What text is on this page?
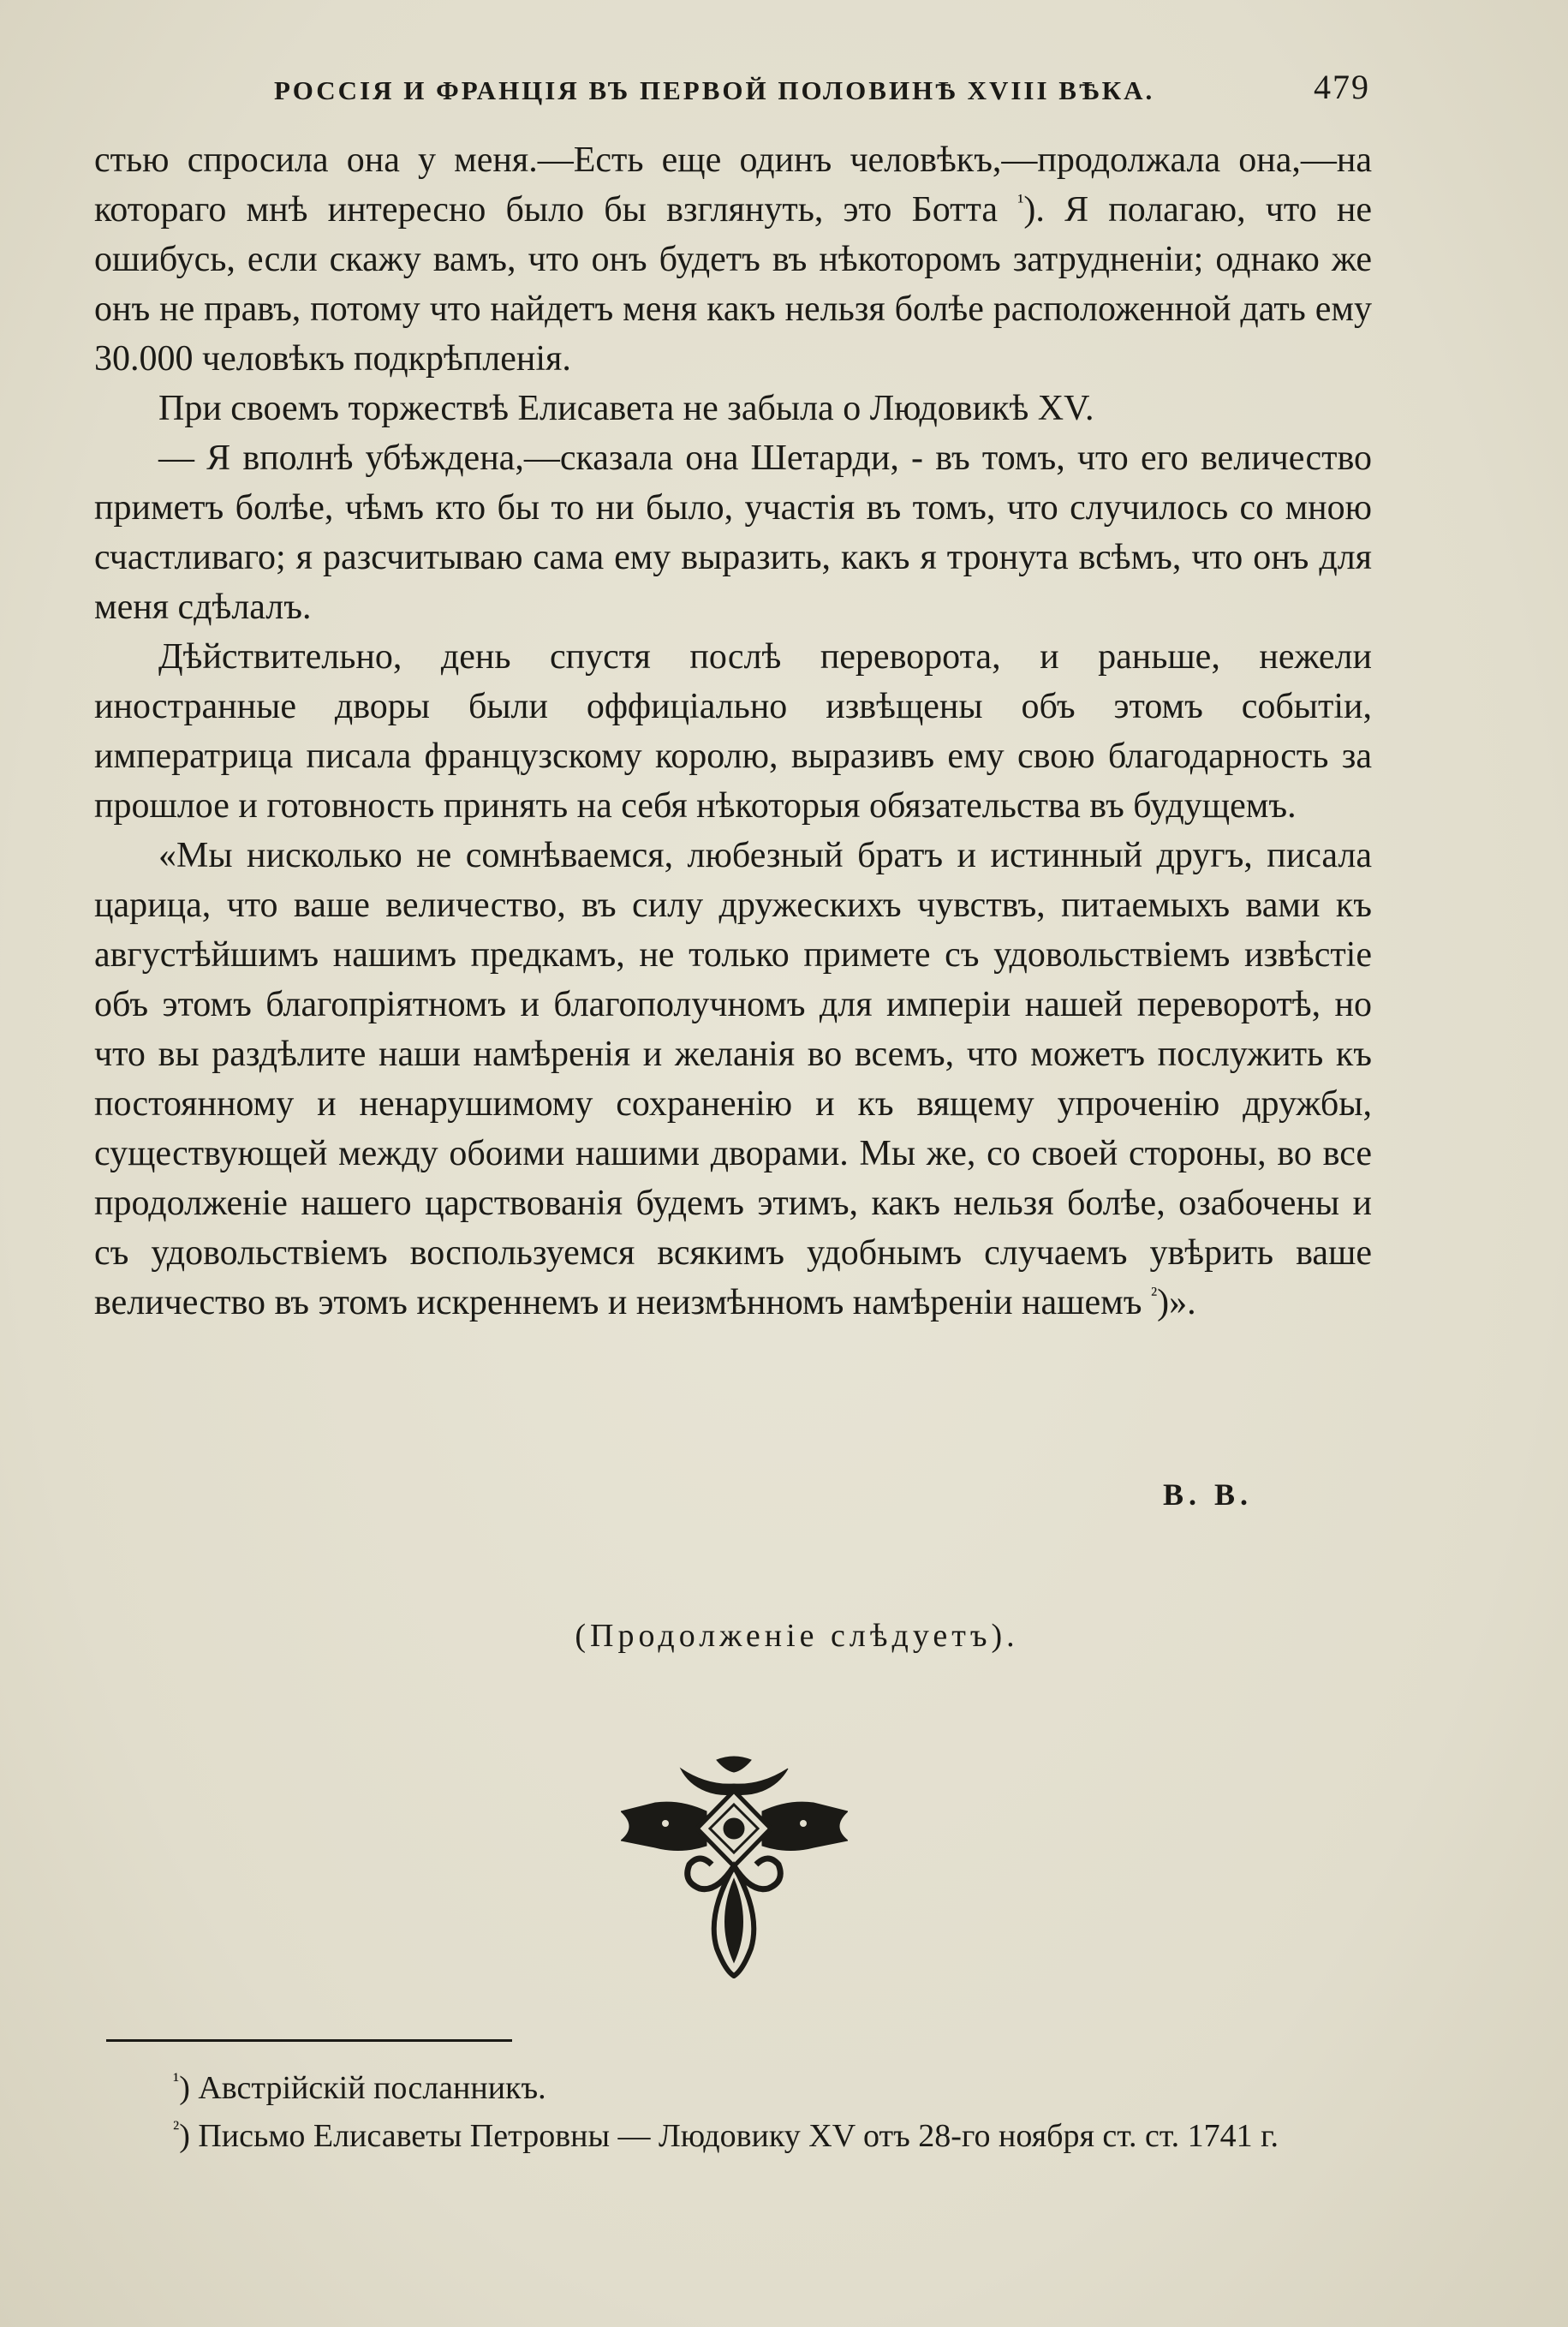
РОССІЯ И ФРАНЦІЯ ВЪ ПЕРВОЙ ПОЛОВИНѢ XVIII ВѢКА.	479

стью спросила она у меня.—Есть еще одинъ человѣкъ,—продолжала она,—на котораго мнѣ интересно было бы взглянуть, это Ботта $^{^1}$). Я полагаю, что не ошибусь, если скажу вамъ, что онъ будетъ въ нѣкоторомъ затрудненіи; однако же онъ не правъ, потому что найдетъ меня какъ нельзя болѣе расположенной дать ему 30.000 человѣкъ подкрѣпленія.

При своемъ торжествѣ Елисавета не забыла о Людовикѣ XV.

— Я вполнѣ убѣждена,—сказала она Шетарди, - въ томъ, что его величество приметъ болѣе, чѣмъ кто бы то ни было, участія въ томъ, что случилось со мною счастливаго; я разсчитываю сама ему выразить, какъ я тронута всѣмъ, что онъ для меня сдѣлалъ.

Дѣйствительно, день спустя послѣ переворота, и раньше, нежели иностранные дворы были оффиціально извѣщены объ этомъ событіи, императрица писала французскому королю, выразивъ ему свою благодарность за прошлое и готовность принять на себя нѣкоторыя обязательства въ будущемъ.

«Мы нисколько не сомнѣваемся, любезный братъ и истинный другъ, писала царица, что ваше величество, въ силу дружескихъ чувствъ, питаемыхъ вами къ августѣйшимъ нашимъ предкамъ, не только примете съ удовольствіемъ извѣстіе объ этомъ благопріятномъ и благополучномъ для имперіи нашей переворотѣ, но что вы раздѣлите наши намѣренія и желанія во всемъ, что можетъ послужить къ постоянному и ненарушимому сохраненію и къ вящему упроченію дружбы, существующей между обоими нашими дворами. Мы же, со своей стороны, во все продолженіе нашего царствованія будемъ этимъ, какъ нельзя болѣе, озабочены и съ удовольствіемъ воспользуемся всякимъ удобнымъ случаемъ увѣрить ваше величество въ этомъ искреннемъ и неизмѣнномъ намѣреніи нашемъ $^{^2}$)».

В. В.
(Продолженіе слѣдуетъ).

$^{^1}$) Австрійскій посланникъ.

$^{^2}$) Письмо Елисаветы Петровны — Людовику XV отъ 28-го ноября ст. ст. 1741 г.
